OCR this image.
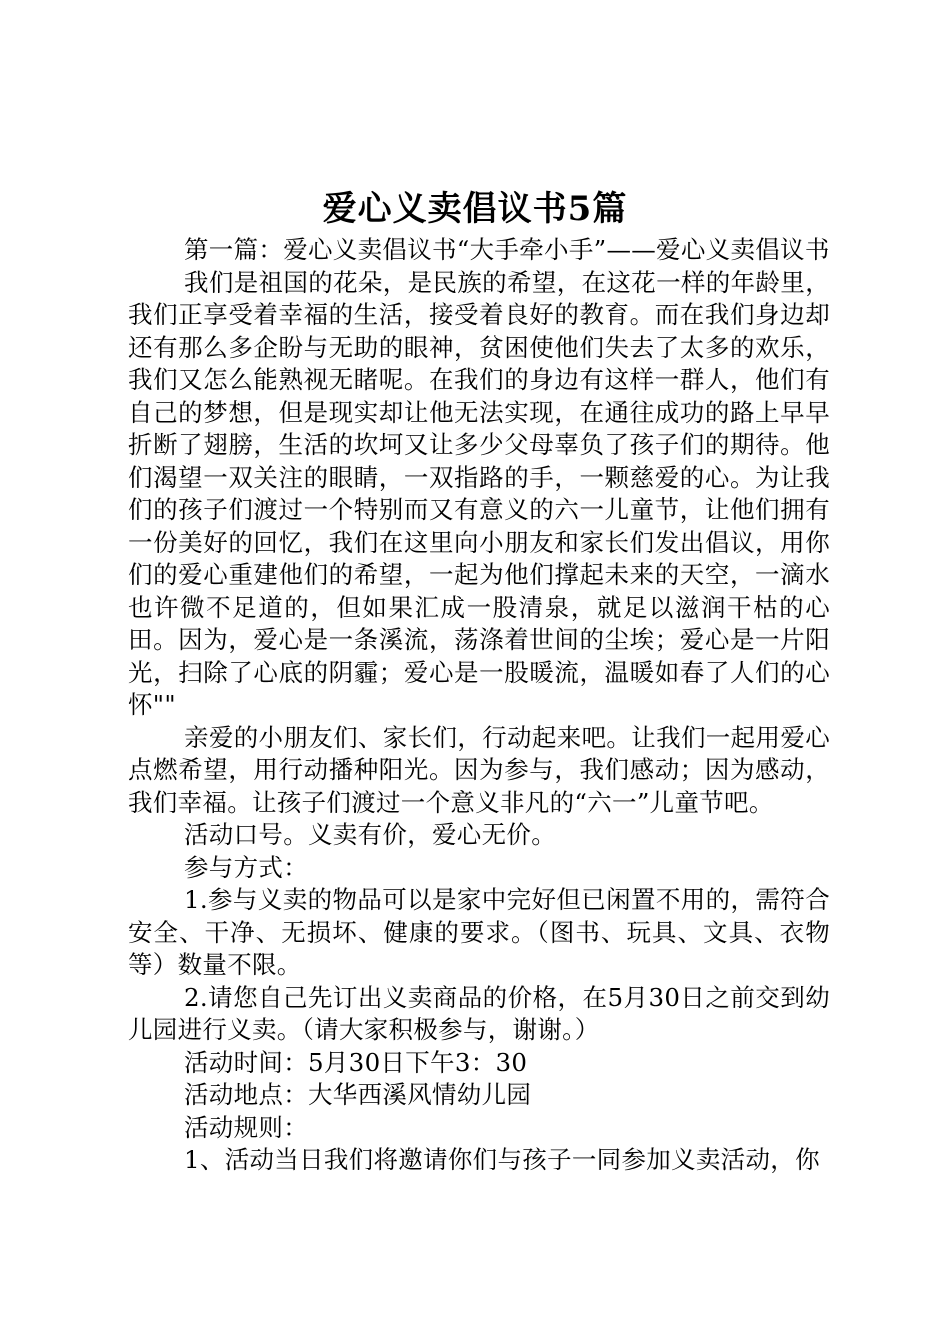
爱心义卖倡议书5篇

第一篇：爱心义卖倡议书“大手牵小手”——爱心义卖倡议书

我们是祖国的花朵，是民族的希望，在这花一样的年龄里，我们正享受着幸福的生活，接受着良好的教育。而在我们身边却还有那么多企盼与无助的眼神，贫困使他们失去了太多的欢乐，我们又怎么能熟视无睹呢。在我们的身边有这样一群人，他们有自己的梦想，但是现实却让他无法实现，在通往成功的路上早早折断了翅膀，生活的坎坷又让多少父母辜负了孩子们的期待。他们渴望一双关注的眼睛，一双指路的手，一颗慈爱的心。为让我们的孩子们渡过一个特别而又有意义的六一儿童节，让他们拥有一份美好的回忆，我们在这里向小朋友和家长们发出倡议，用你们的爱心重建他们的希望，一起为他们撑起未来的天空，一滴水也许微不足道的，但如果汇成一股清泉，就足以滋润干枯的心田。因为，爱心是一条溪流，荡涤着世间的尘埃；爱心是一片阳光，扫除了心底的阴霾；爱心是一股暖流，温暖如春了人们的心怀""

亲爱的小朋友们、家长们，行动起来吧。让我们一起用爱心点燃希望，用行动播种阳光。因为参与，我们感动；因为感动，我们幸福。让孩子们渡过一个意义非凡的“六一”儿童节吧。

活动口号。义卖有价，爱心无价。

参与方式：

1.参与义卖的物品可以是家中完好但已闲置不用的，需符合安全、干净、无损坏、健康的要求。（图书、玩具、文具、衣物等）数量不限。

2.请您自己先订出义卖商品的价格，在5月30日之前交到幼儿园进行义卖。（请大家积极参与，谢谢。）

活动时间：5月30日下午3：30

活动地点：大华西溪风情幼儿园

活动规则：

1、活动当日我们将邀请你们与孩子一同参加义卖活动，你
